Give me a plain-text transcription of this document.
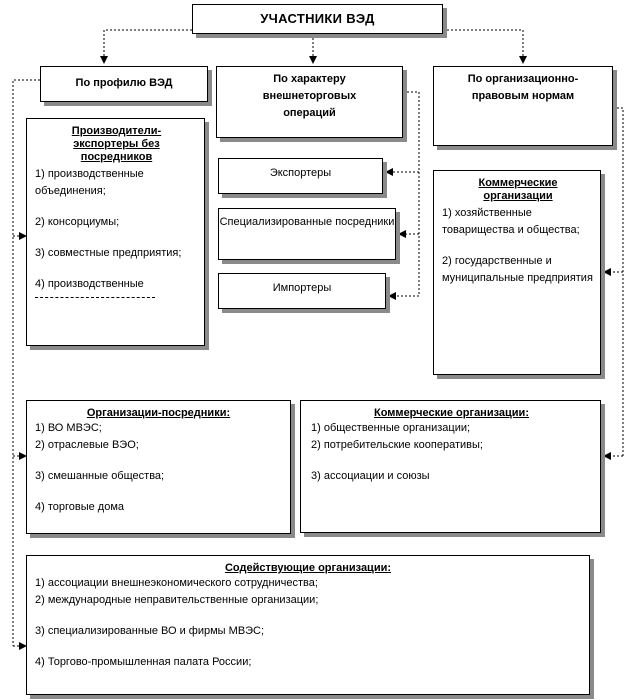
УЧАСТНИКИ ВЭД
По профилю ВЭД	По характеру внешнеторговых операций
По организационно-правовым нормам
Производители-экспортеры без посредников
1) производственные объединения;
2) консорциумы;
3) совместные предприятия;
4) производственные
Экспортеры
Специализированные посредники
Импортеры
Коммерческие организации
1) хозяйственные товарищества и общества;
2) государственные и муниципальные предприятия
Организации-посредники:
1) ВО МВЭС;
2) отраслевые ВЭО;
3) смешанные общества;
4) торговые дома
Коммерческие организации:
1) общественные организации;
2) потребительские кооперативы;
3) ассоциации и союзы
Содействующие организации:
1) ассоциации внешнеэкономического сотрудничества;
2) международные неправительственные организации;
3) специализированные ВО и фирмы МВЭС;
4) Торгово-промышленная палата России;
